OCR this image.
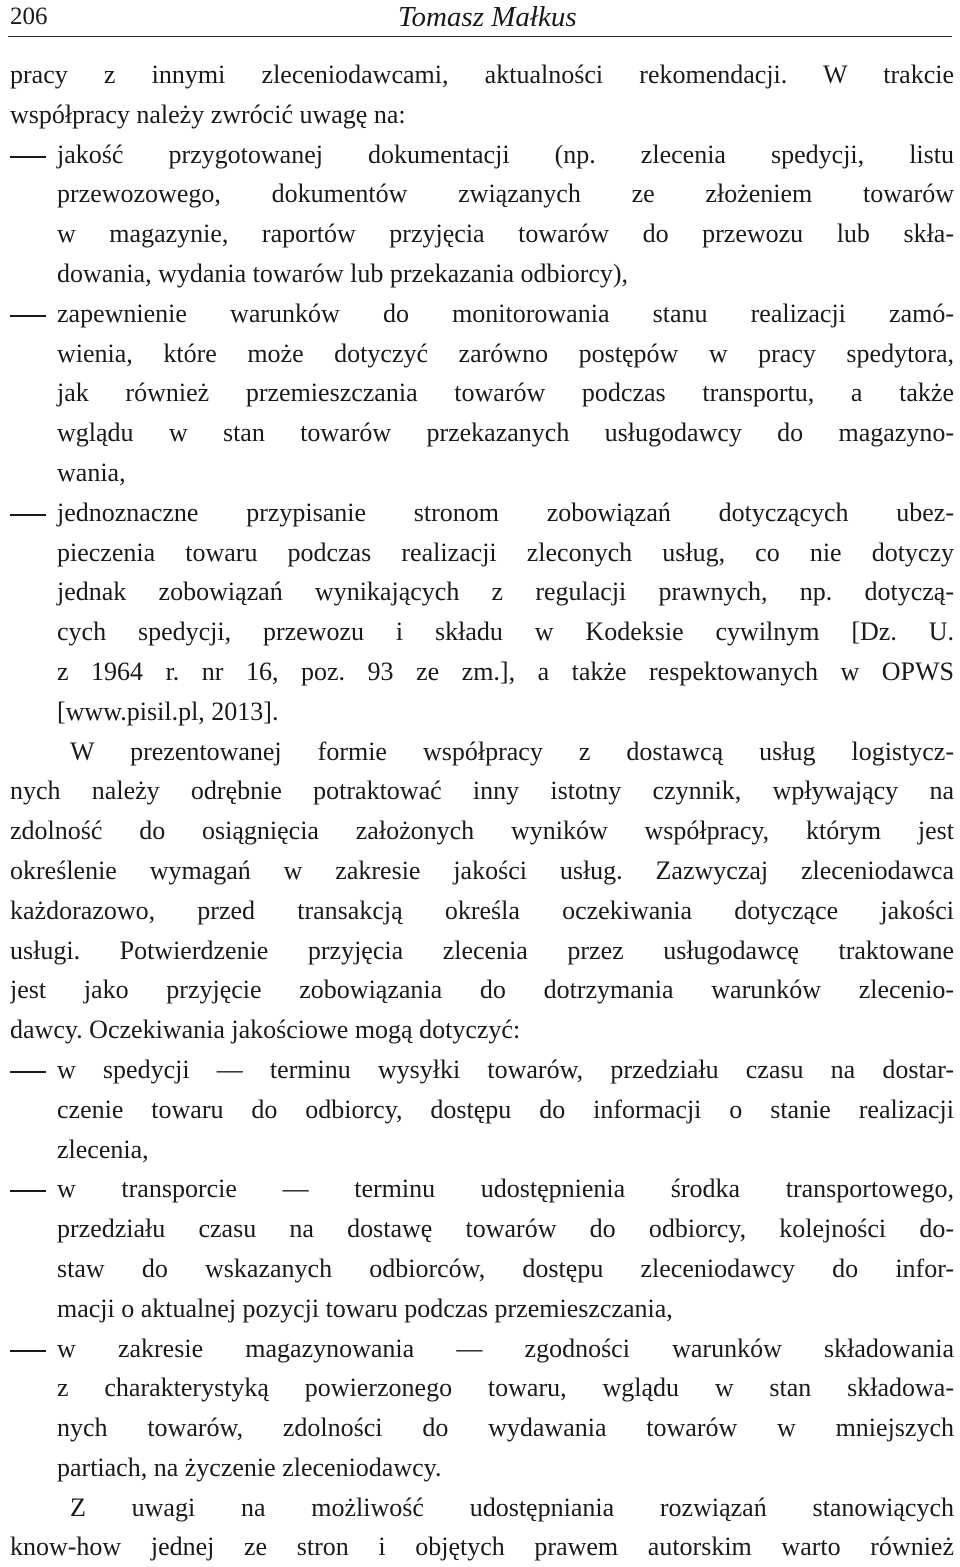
206	Tomasz Małkus
pracy z innymi zleceniodawcami, aktualności rekomendacji. W trakcie
współpracy należy zwrócić uwagę na:
jakość przygotowanej dokumentacji (np. zlecenia spedycji, listu
przewozowego, dokumentów związanych ze złożeniem towarów
w magazynie, raportów przyjęcia towarów do przewozu lub skła-
dowania, wydania towarów lub przekazania odbiorcy),
zapewnienie warunków do monitorowania stanu realizacji zamó-
wienia, które może dotyczyć zarówno postępów w pracy spedytora,
jak również przemieszczania towarów podczas transportu, a także
wglądu w stan towarów przekazanych usługodawcy do magazyno-
wania,
jednoznaczne przypisanie stronom zobowiązań dotyczących ubez-
pieczenia towaru podczas realizacji zleconych usług, co nie dotyczy
jednak zobowiązań wynikających z regulacji prawnych, np. dotyczą-
cych spedycji, przewozu i składu w Kodeksie cywilnym [Dz. U.
z 1964 r. nr 16, poz. 93 ze zm.], a także respektowanych w OPWS
[www.pisil.pl, 2013].
W prezentowanej formie współpracy z dostawcą usług logistycz-
nych należy odrębnie potraktować inny istotny czynnik, wpływający na
zdolność do osiągnięcia założonych wyników współpracy, którym jest
określenie wymagań w zakresie jakości usług. Zazwyczaj zleceniodawca
każdorazowo, przed transakcją określa oczekiwania dotyczące jakości
usługi. Potwierdzenie przyjęcia zlecenia przez usługodawcę traktowane
jest jako przyjęcie zobowiązania do dotrzymania warunków zlecenio-
dawcy. Oczekiwania jakościowe mogą dotyczyć:
w spedycji — terminu wysyłki towarów, przedziału czasu na dostar-
czenie towaru do odbiorcy, dostępu do informacji o stanie realizacji
zlecenia,
w transporcie — terminu udostępnienia środka transportowego,
przedziału czasu na dostawę towarów do odbiorcy, kolejności do-
staw do wskazanych odbiorców, dostępu zleceniodawcy do infor-
macji o aktualnej pozycji towaru podczas przemieszczania,
w zakresie magazynowania — zgodności warunków składowania
z charakterystyką powierzonego towaru, wglądu w stan składowa-
nych towarów, zdolności do wydawania towarów w mniejszych
partiach, na życzenie zleceniodawcy.
Z uwagi na możliwość udostępniania rozwiązań stanowiących
know-how jednej ze stron i objętych prawem autorskim warto również
